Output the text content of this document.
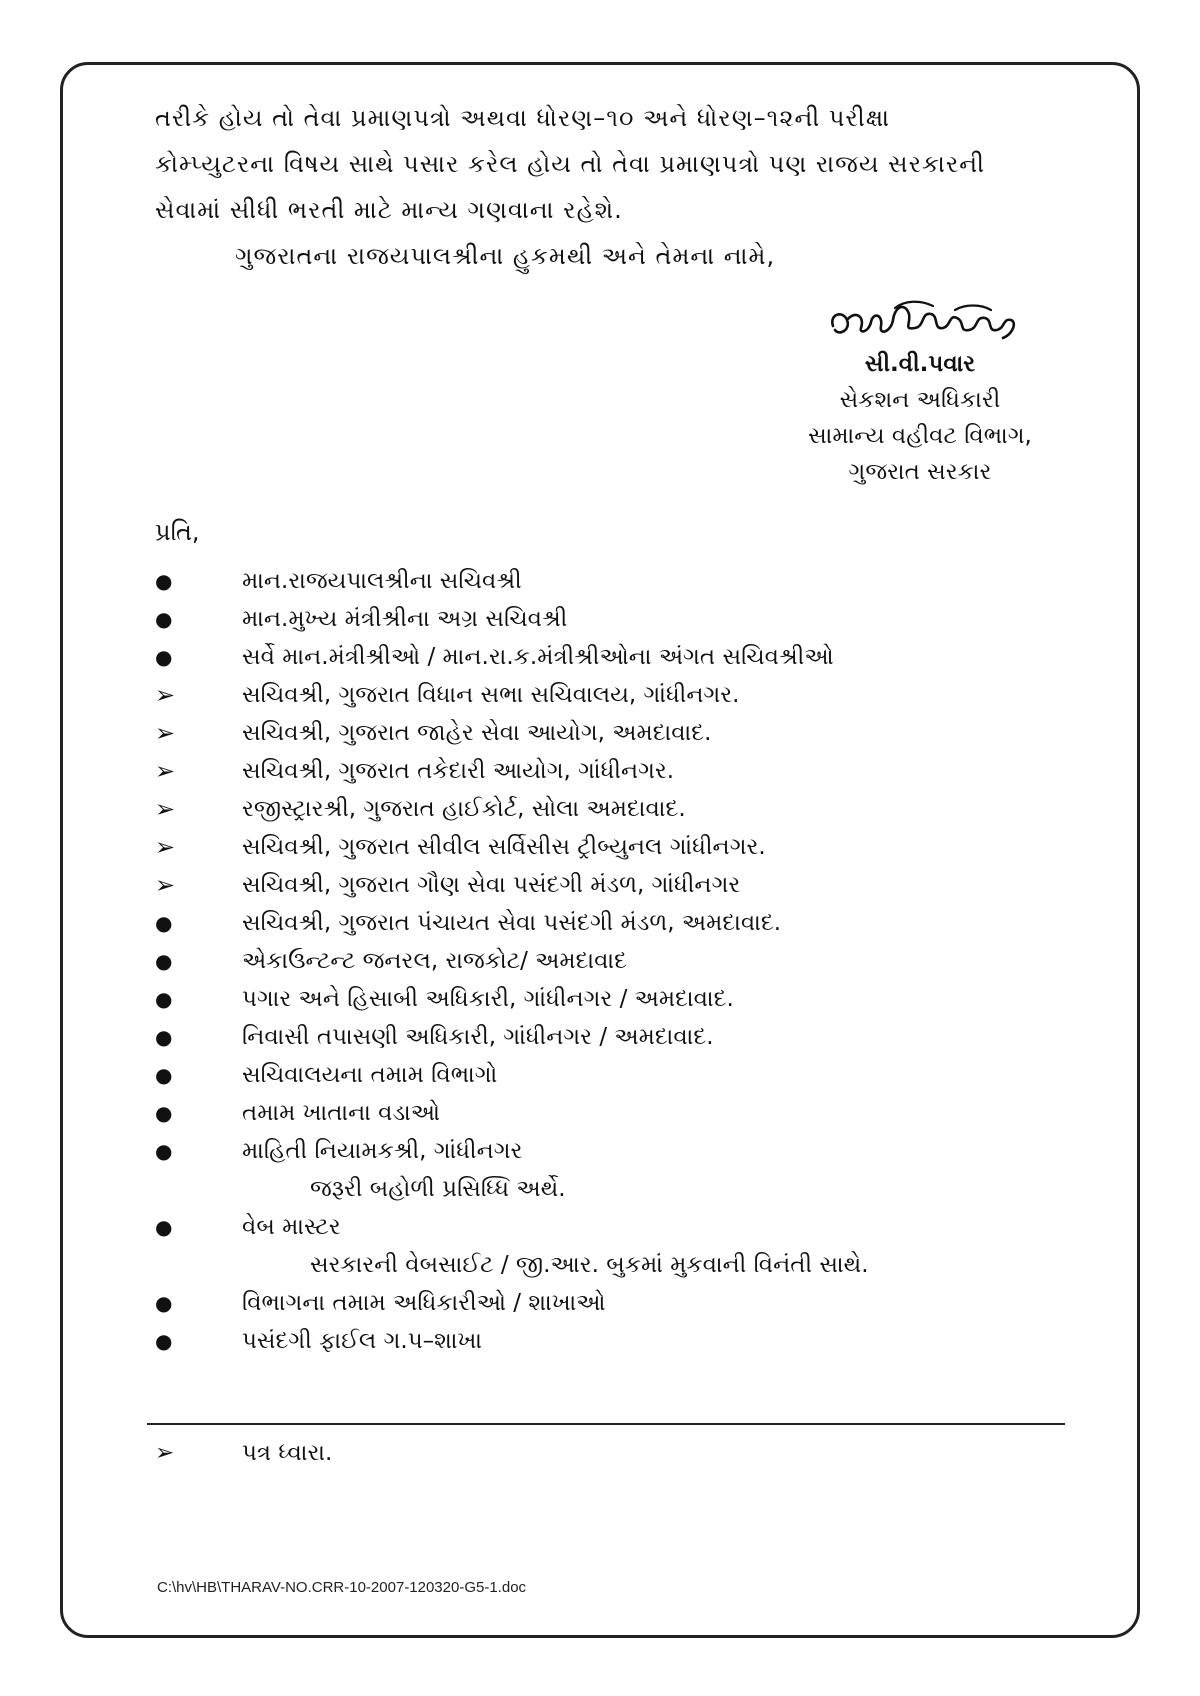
તરીકે હોય તો તેવા પ્રમાણપત્રો અથવા ધોરણ–૧૦ અને ધોરણ–૧૨ની પરીક્ષા

કોમ્પ્યુટરના વિષય સાથે પસાર કરેલ હોય તો તેવા પ્રમાણપત્રો પણ રાજય સરકારની

સેવામાં સીધી ભરતી માટે માન્ય ગણવાના રહેશે.

ગુજરાતના રાજયપાલશ્રીના હુકમથી અને તેમના નામે,

સી.વી.પવાર
સેકશન અધિકારી
સામાન્ય વહીવટ વિભાગ,
ગુજરાત સરકાર
પ્રતિ,
●	માન.રાજયપાલશ્રીના સચિવશ્રી
●	માન.મુખ્ય મંત્રીશ્રીના અગ્ર સચિવશ્રી
●	સર્વે માન.મંત્રીશ્રીઓ / માન.રા.ક.મંત્રીશ્રીઓના અંગત સચિવશ્રીઓ
➢	સચિવશ્રી, ગુજરાત વિધાન સભા સચિવાલય, ગાંધીનગર.
➢	સચિવશ્રી, ગુજરાત જાહેર સેવા આયોગ, અમદાવાદ.
➢	સચિવશ્રી, ગુજરાત તકેદારી આયોગ, ગાંધીનગર.
➢	રજીસ્ટ્રારશ્રી, ગુજરાત હાઈકોર્ટ, સોલા અમદાવાદ.
➢	સચિવશ્રી, ગુજરાત સીવીલ સર્વિસીસ ટ્રીબ્યુનલ ગાંધીનગર.
➢	સચિવશ્રી, ગુજરાત ગૌણ સેવા પસંદગી મંડળ, ગાંધીનગર
●	સચિવશ્રી, ગુજરાત પંચાયત સેવા પસંદગી મંડળ, અમદાવાદ.
●	એકાઉન્ટન્ટ જનરલ, રાજકોટ/ અમદાવાદ
●	પગાર અને હિસાબી અધિકારી, ગાંધીનગર / અમદાવાદ.
●	નિવાસી તપાસણી અધિકારી, ગાંધીનગર / અમદાવાદ.
●	સચિવાલયના તમામ વિભાગો
●	તમામ ખાતાના વડાઓ
●	માહિતી નિયામકશ્રી, ગાંધીનગર
જરૂરી બહોળી પ્રસિધ્ધિ અર્થે.
●	વેબ માસ્ટર
સરકારની વેબસાઈટ / જી.આર. બુકમાં મુકવાની વિનંતી સાથે.
●	વિભાગના તમામ અધિકારીઓ / શાખાઓ
●	પસંદગી ફાઈલ ગ.પ–શાખા
➢	પત્ર ધ્વારા.
C:\hv\HB\THARAV-NO.CRR-10-2007-120320-G5-1.doc
